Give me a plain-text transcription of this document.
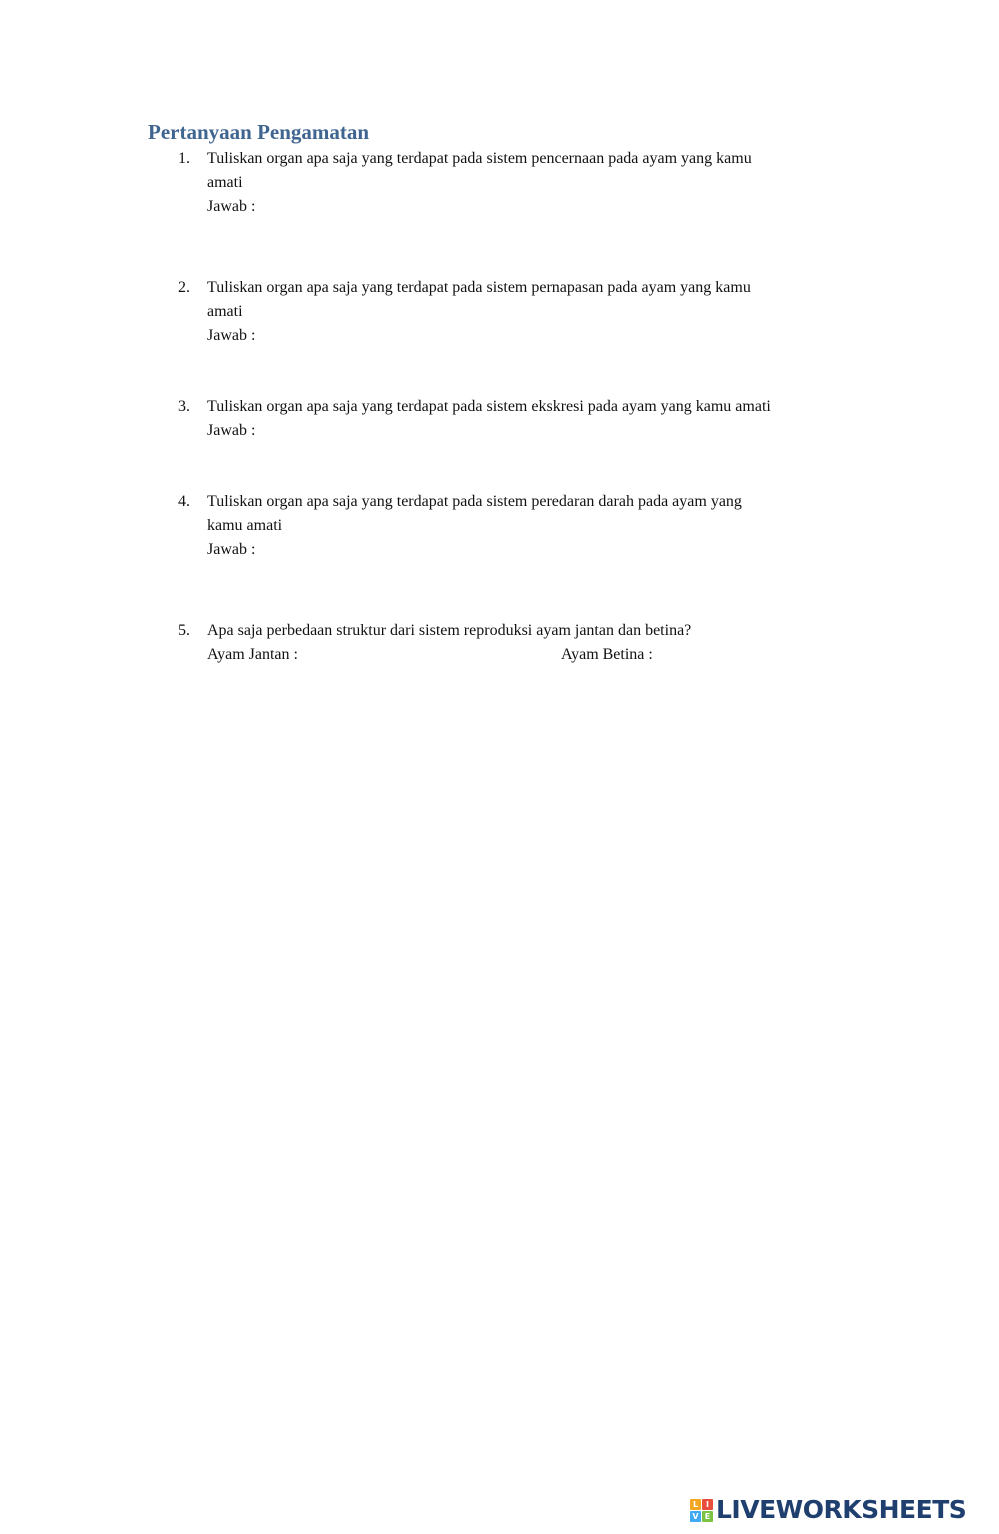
Pertanyaan Pengamatan
1. Tuliskan organ apa saja yang terdapat pada sistem pencernaan pada ayam yang kamu
amati
Jawab :
2. Tuliskan organ apa saja yang terdapat pada sistem pernapasan pada ayam yang kamu
amati
Jawab :
3. Tuliskan organ apa saja yang terdapat pada sistem ekskresi pada ayam yang kamu amati
Jawab :
4. Tuliskan organ apa saja yang terdapat pada sistem peredaran darah pada ayam yang
kamu amati
Jawab :
5. Apa saja perbedaan struktur dari sistem reproduksi ayam jantan dan betina?
Ayam Jantan :	Ayam Betina :
L I
V E LIVEWORKSHEETS
